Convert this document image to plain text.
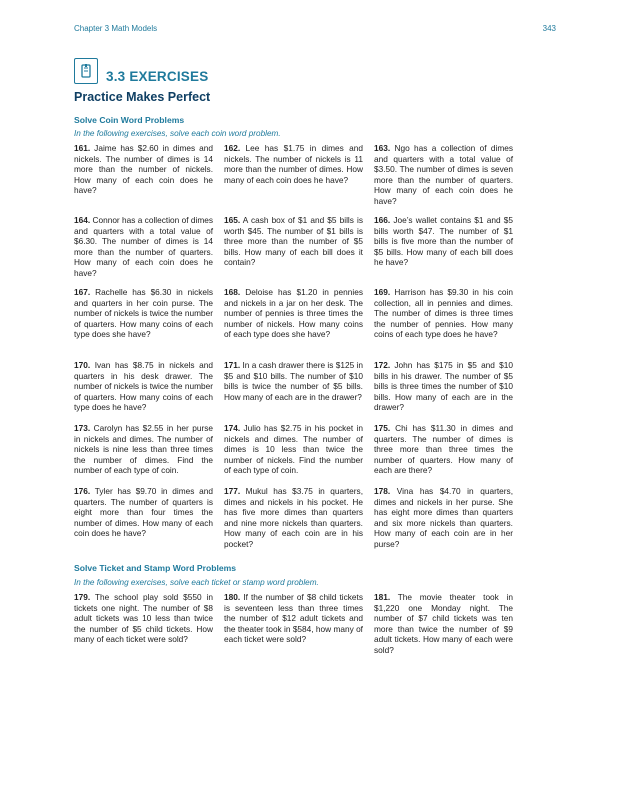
Chapter 3 Math Models	343
3.3 EXERCISES
Practice Makes Perfect
Solve Coin Word Problems
In the following exercises, solve each coin word problem.
161. Jaime has $2.60 in dimes and nickels. The number of dimes is 14 more than the number of nickels. How many of each coin does he have?
162. Lee has $1.75 in dimes and nickels. The number of nickels is 11 more than the number of dimes. How many of each coin does he have?
163. Ngo has a collection of dimes and quarters with a total value of $3.50. The number of dimes is seven more than the number of quarters. How many of each coin does he have?
164. Connor has a collection of dimes and quarters with a total value of $6.30. The number of dimes is 14 more than the number of quarters. How many of each coin does he have?
165. A cash box of $1 and $5 bills is worth $45. The number of $1 bills is three more than the number of $5 bills. How many of each bill does it contain?
166. Joe’s wallet contains $1 and $5 bills worth $47. The number of $1 bills is five more than the number of $5 bills. How many of each bill does he have?
167. Rachelle has $6.30 in nickels and quarters in her coin purse. The number of nickels is twice the number of quarters. How many coins of each type does she have?
168. Deloise has $1.20 in pennies and nickels in a jar on her desk. The number of pennies is three times the number of nickels. How many coins of each type does she have?
169. Harrison has $9.30 in his coin collection, all in pennies and dimes. The number of dimes is three times the number of pennies. How many coins of each type does he have?
170. Ivan has $8.75 in nickels and quarters in his desk drawer. The number of nickels is twice the number of quarters. How many coins of each type does he have?
171. In a cash drawer there is $125 in $5 and $10 bills. The number of $10 bills is twice the number of $5 bills. How many of each are in the drawer?
172. John has $175 in $5 and $10 bills in his drawer. The number of $5 bills is three times the number of $10 bills. How many of each are in the drawer?
173. Carolyn has $2.55 in her purse in nickels and dimes. The number of nickels is nine less than three times the number of dimes. Find the number of each type of coin.
174. Julio has $2.75 in his pocket in nickels and dimes. The number of dimes is 10 less than twice the number of nickels. Find the number of each type of coin.
175. Chi has $11.30 in dimes and quarters. The number of dimes is three more than three times the number of quarters. How many of each are there?
176. Tyler has $9.70 in dimes and quarters. The number of quarters is eight more than four times the number of dimes. How many of each coin does he have?
177. Mukul has $3.75 in quarters, dimes and nickels in his pocket. He has five more dimes than quarters and nine more nickels than quarters. How many of each coin are in his pocket?
178. Vina has $4.70 in quarters, dimes and nickels in her purse. She has eight more dimes than quarters and six more nickels than quarters. How many of each coin are in her purse?
Solve Ticket and Stamp Word Problems
In the following exercises, solve each ticket or stamp word problem.
179. The school play sold $550 in tickets one night. The number of $8 adult tickets was 10 less than twice the number of $5 child tickets. How many of each ticket were sold?
180. If the number of $8 child tickets is seventeen less than three times the number of $12 adult tickets and the theater took in $584, how many of each ticket were sold?
181. The movie theater took in $1,220 one Monday night. The number of $7 child tickets was ten more than twice the number of $9 adult tickets. How many of each were sold?
